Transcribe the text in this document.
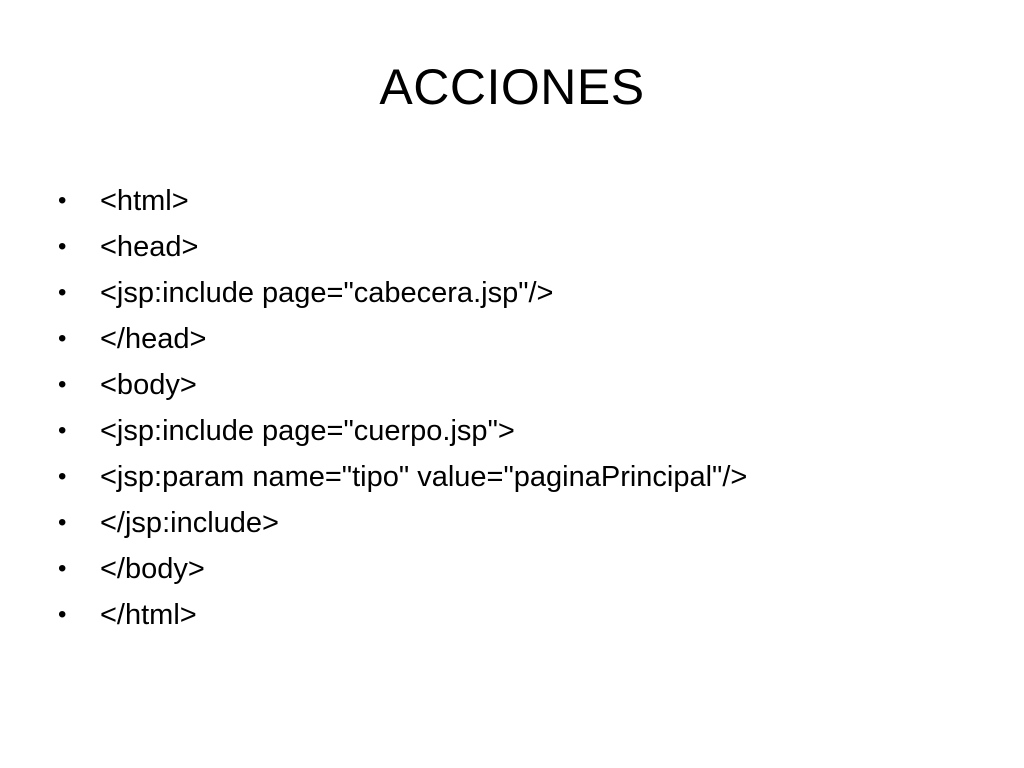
ACCIONES
•	<html>
•	<head>
•	<jsp:include page="cabecera.jsp"/>
•	</head>
•	<body>
•	<jsp:include page="cuerpo.jsp">
•	<jsp:param name="tipo" value="paginaPrincipal"/>
•	</jsp:include>
•	</body>
•	</html>
